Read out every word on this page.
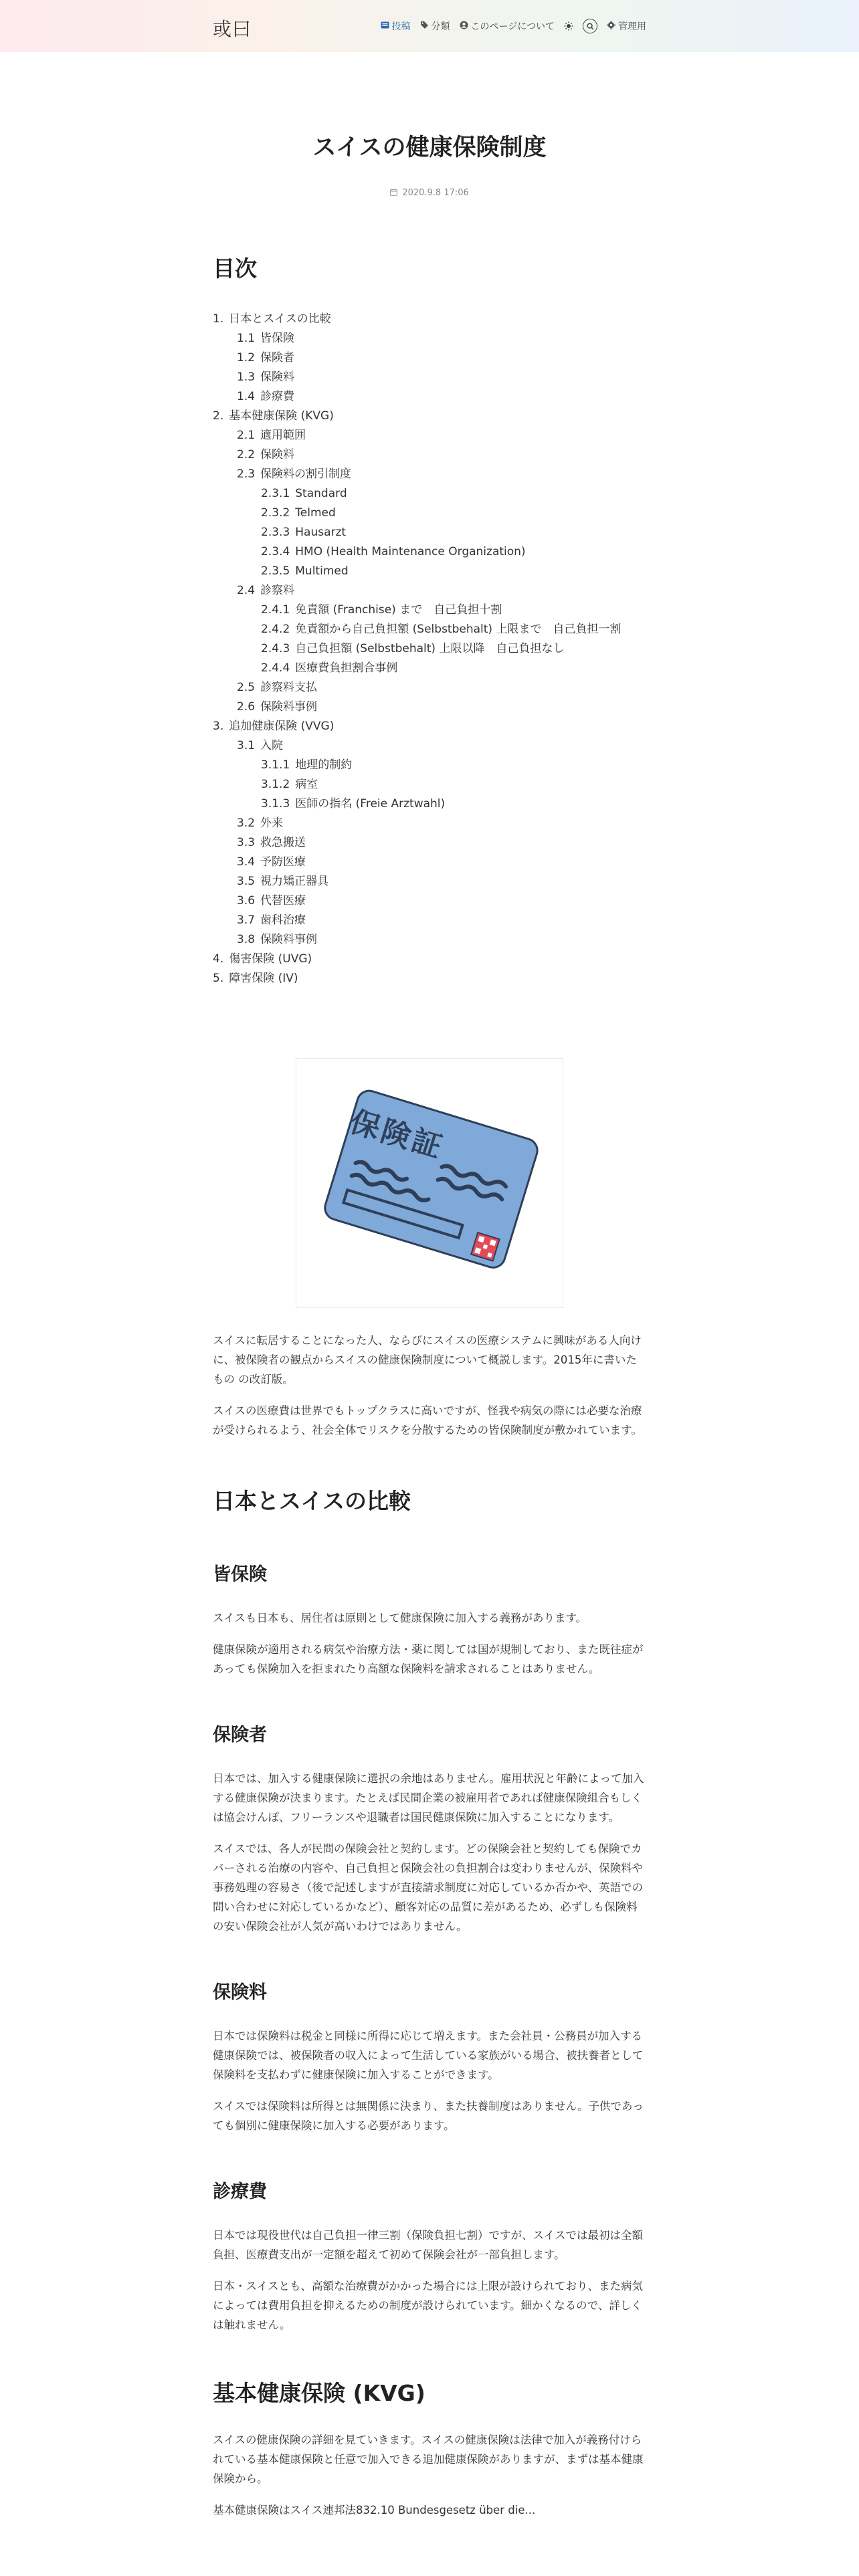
或曰	投稿 分類 このページについて	管理用
スイスの健康保険制度
2020.9.8 17:06
目次
1. 日本とスイスの比較
1.1 皆保険
1.2 保険者
1.3 保険料
1.4 診療費
2. 基本健康保険 (KVG)
2.1 適用範囲
2.2 保険料
2.3 保険料の割引制度
2.3.1 Standard
2.3.2 Telmed
2.3.3 Hausarzt
2.3.4 HMO (Health Maintenance Organization)
2.3.5 Multimed
2.4 診察料
2.4.1 免責額 (Franchise) まで　自己負担十割
2.4.2 免責額から自己負担額 (Selbstbehalt) 上限まで　自己負担一割
2.4.3 自己負担額 (Selbstbehalt) 上限以降　自己負担なし
2.4.4 医療費負担割合事例
2.5 診察料支払
2.6 保険料事例
3. 追加健康保険 (VVG)
3.1 入院
3.1.1 地理的制約
3.1.2 病室
3.1.3 医師の指名 (Freie Arztwahl)
3.2 外来
3.3 救急搬送
3.4 予防医療
3.5 視力矯正器具
3.6 代替医療
3.7 歯科治療
3.8 保険料事例
4. 傷害保険 (UVG)
5. 障害保険 (IV)
保険証

スイスに転居することになった人、ならびにスイスの医療システムに興味がある人向けに、被保険者の観点からスイスの健康保険制度について概説します。2015年に書いたもの の改訂版。

スイスの医療費は世界でもトップクラスに高いですが、怪我や病気の際には必要な治療が受けられるよう、社会全体でリスクを分散するための皆保険制度が敷かれています。

日本とスイスの比較
皆保険

スイスも日本も、居住者は原則として健康保険に加入する義務があります。

健康保険が適用される病気や治療方法・薬に関しては国が規制しており、また既往症があっても保険加入を拒まれたり高額な保険料を請求されることはありません。

保険者

日本では、加入する健康保険に選択の余地はありません。雇用状況と年齢によって加入する健康保険が決まります。たとえば民間企業の被雇用者であれば健康保険組合もしくは協会けんぽ、フリーランスや退職者は国民健康保険に加入することになります。

スイスでは、各人が民間の保険会社と契約します。どの保険会社と契約しても保険でカバーされる治療の内容や、自己負担と保険会社の負担割合は変わりませんが、保険料や事務処理の容易さ（後で記述しますが直接請求制度に対応しているか否かや、英語での問い合わせに対応しているかなど）、顧客対応の品質に差があるため、必ずしも保険料の安い保険会社が人気が高いわけではありません。

保険料

日本では保険料は税金と同様に所得に応じて増えます。また会社員・公務員が加入する健康保険では、被保険者の収入によって生活している家族がいる場合、被扶養者として保険料を支払わずに健康保険に加入することができます。

スイスでは保険料は所得とは無関係に決まり、また扶養制度はありません。子供であっても個別に健康保険に加入する必要があります。

診療費

日本では現役世代は自己負担一律三割（保険負担七割）ですが、スイスでは最初は全額負担、医療費支出が一定額を超えて初めて保険会社が一部負担します。

日本・スイスとも、高額な治療費がかかった場合には上限が設けられており、また病気によっては費用負担を抑えるための制度が設けられています。細かくなるので、詳しくは触れません。

基本健康保険 (KVG)

スイスの健康保険の詳細を見ていきます。スイスの健康保険は法律で加入が義務付けられている基本健康保険と任意で加入できる追加健康保険がありますが、まずは基本健康保険から。

基本健康保険はスイス連邦法832.10 Bundesgesetz über die...
